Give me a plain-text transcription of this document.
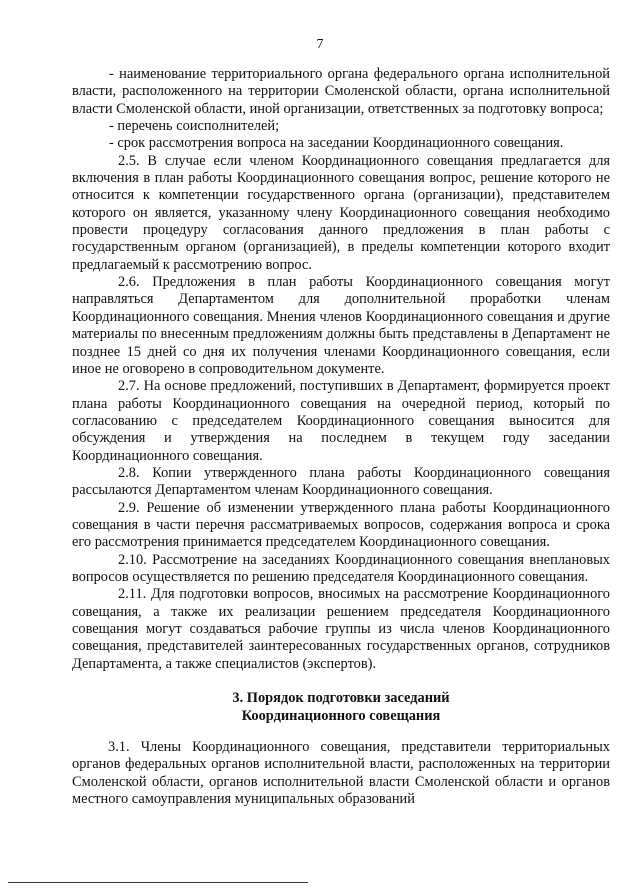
7

- наименование территориального органа федерального органа исполнительной власти, расположенного на территории Смоленской области, органа исполнительной власти Смоленской области, иной организации, ответственных за подготовку вопроса;

- перечень соисполнителей;

- срок рассмотрения вопроса на заседании Координационного совещания.

2.5. В случае если членом Координационного совещания предлагается для включения в план работы Координационного совещания вопрос, решение которого не относится к компетенции государственного органа (организации), представителем которого он является, указанному члену Координационного совещания необходимо провести процедуру согласования данного предложения в план работы с государственным органом (организацией), в пределы компетенции которого входит предлагаемый к рассмотрению вопрос.

2.6. Предложения в план работы Координационного совещания могут направляться Департаментом для дополнительной проработки членам Координационного совещания. Мнения членов Координационного совещания и другие материалы по внесенным предложениям должны быть представлены в Департамент не позднее 15 дней со дня их получения членами Координационного совещания, если иное не оговорено в сопроводительном документе.

2.7. На основе предложений, поступивших в Департамент, формируется проект плана работы Координационного совещания на очередной период, который по согласованию с председателем Координационного совещания выносится для обсуждения и утверждения на последнем в текущем году заседании Координационного совещания.

2.8. Копии утвержденного плана работы Координационного совещания рассылаются Департаментом членам Координационного совещания.

2.9. Решение об изменении утвержденного плана работы Координационного совещания в части перечня рассматриваемых вопросов, содержания вопроса и срока его рассмотрения принимается председателем Координационного совещания.

2.10. Рассмотрение на заседаниях Координационного совещания внеплановых вопросов осуществляется по решению председателя Координационного совещания.

2.11. Для подготовки вопросов, вносимых на рассмотрение Координационного совещания, а также их реализации решением председателя Координационного совещания могут создаваться рабочие группы из числа членов Координационного совещания, представителей заинтересованных государственных органов, сотрудников Департамента, а также специалистов (экспертов).

3. Порядок подготовки заседаний
Координационного совещания

3.1. Члены Координационного совещания, представители территориальных органов федеральных органов исполнительной власти, расположенных на территории Смоленской области, органов исполнительной власти Смоленской области и органов местного самоуправления муниципальных образований
